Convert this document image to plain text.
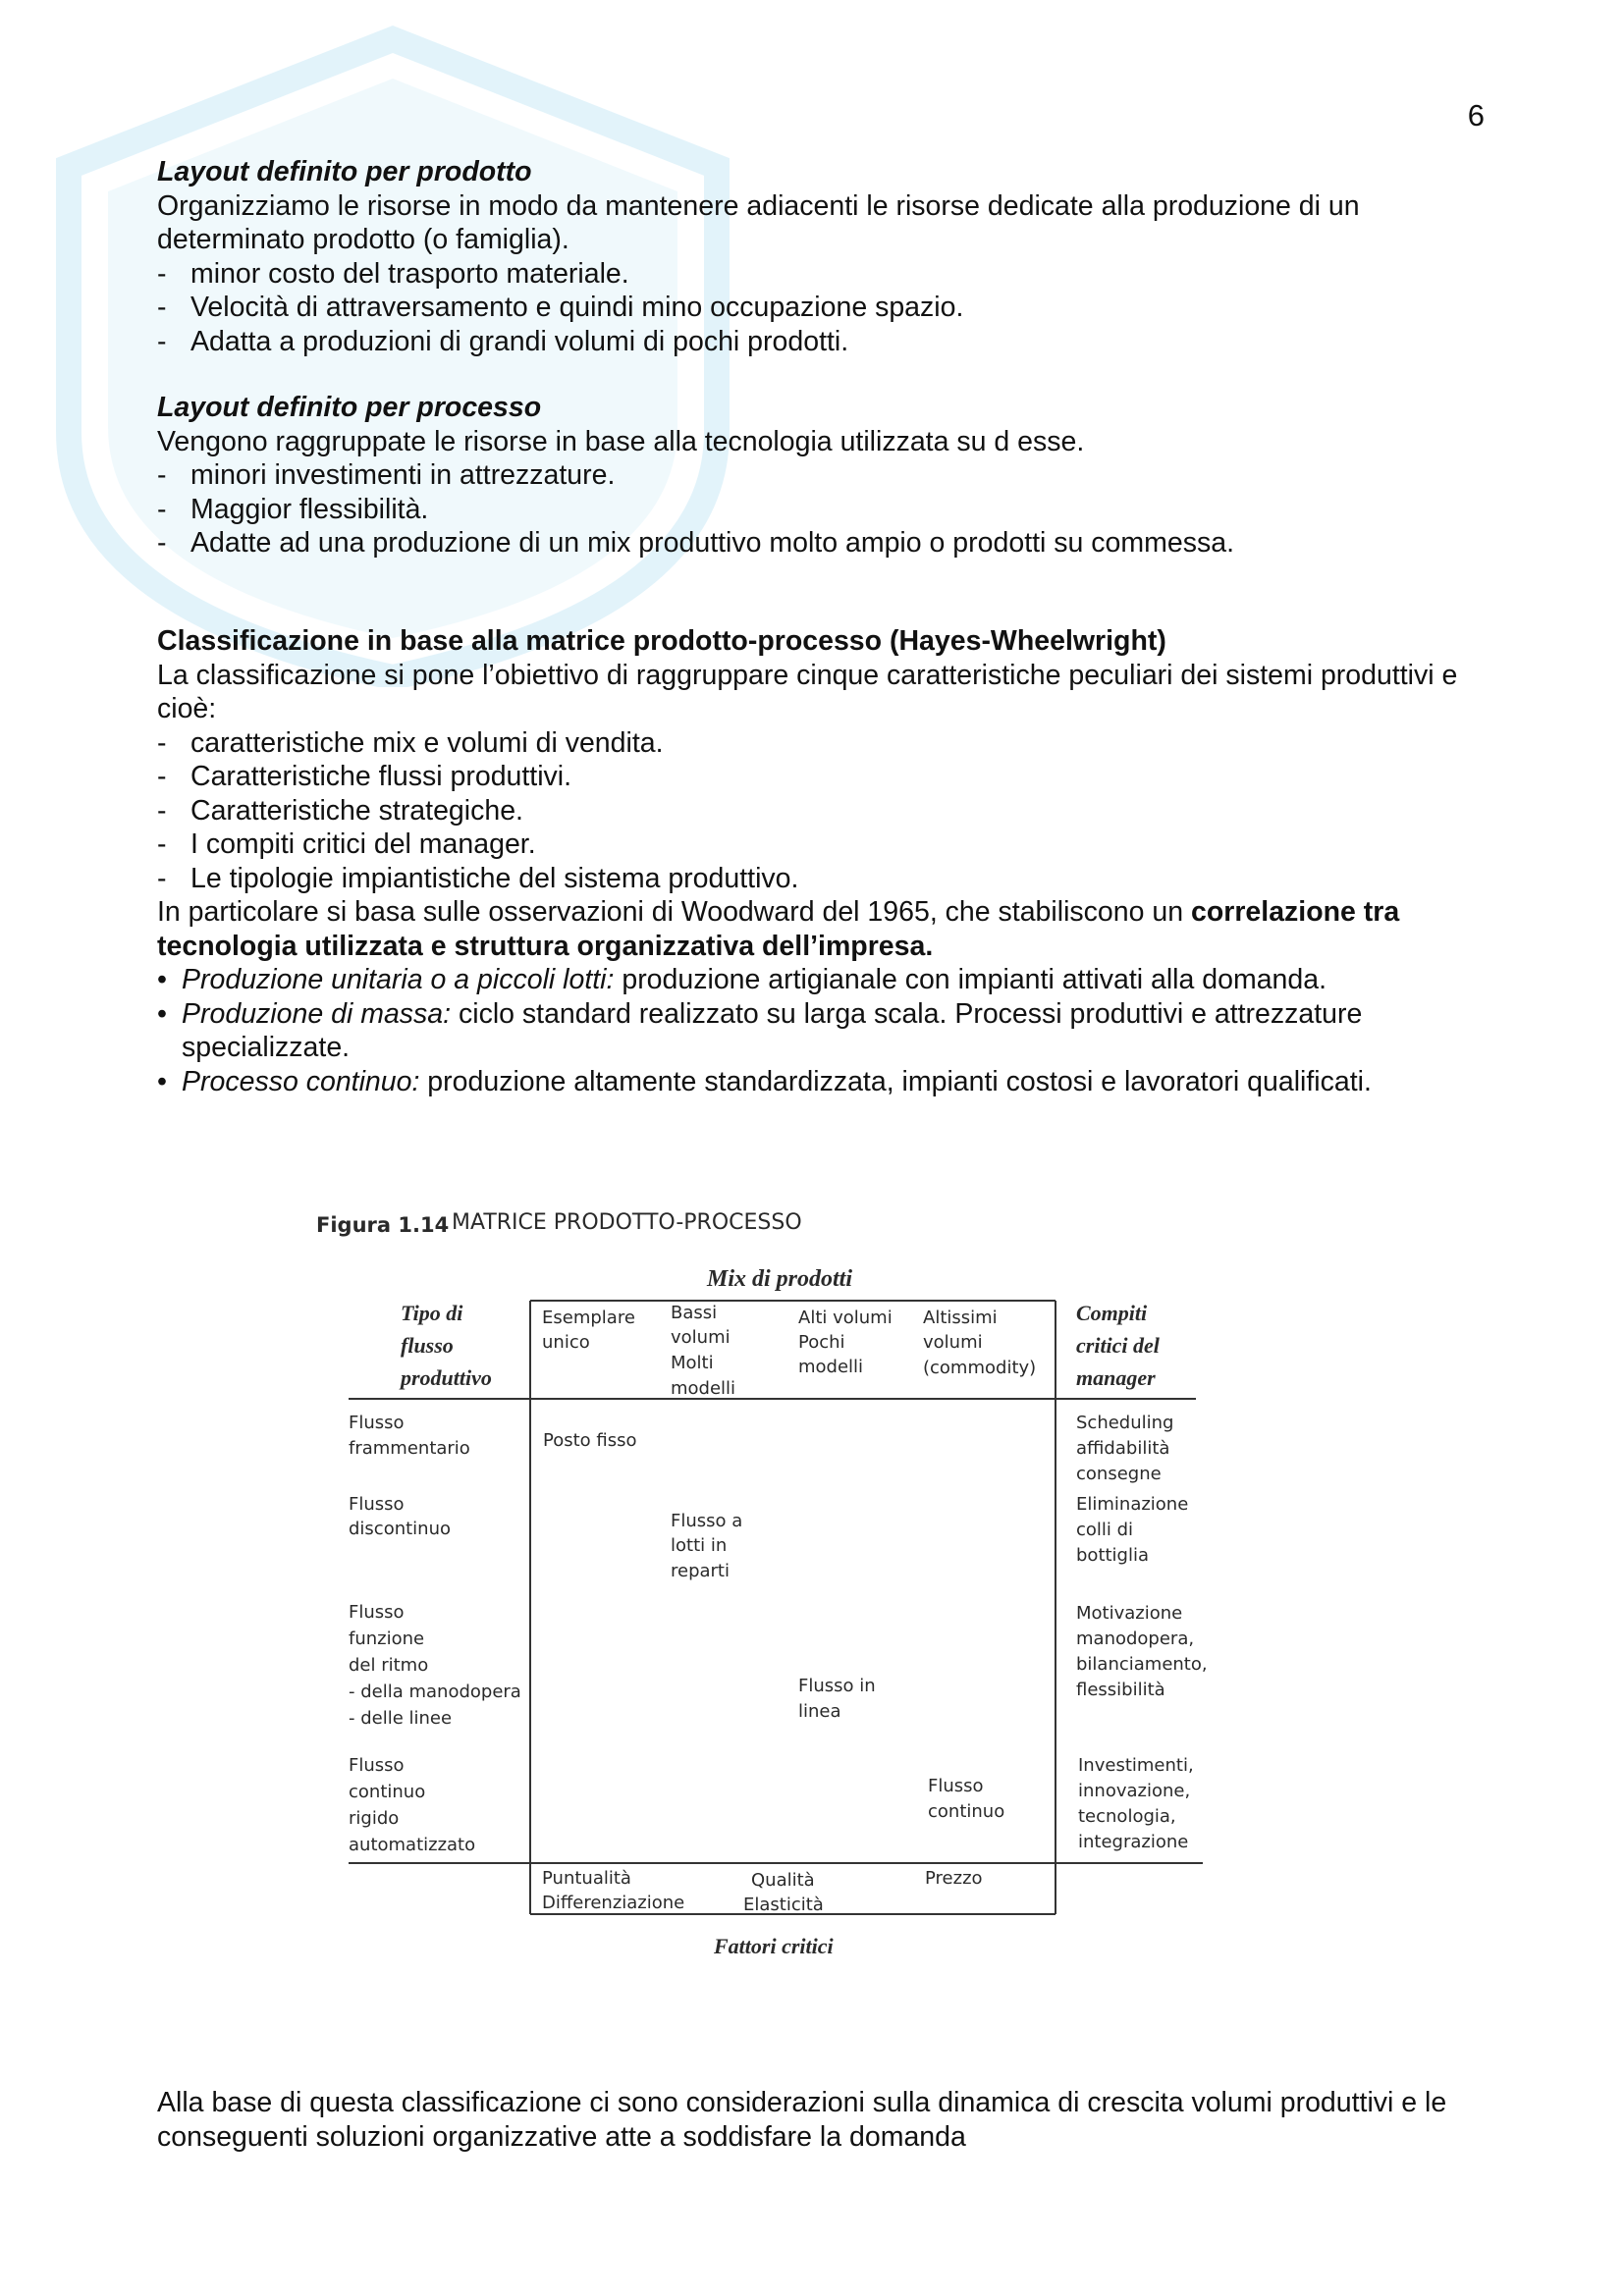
6

Layout definito per prodotto

Organizziamo le risorse in modo da mantenere adiacenti le risorse dedicate alla produzione di un determinato prodotto (o famiglia).

- minor costo del trasporto materiale.

- Velocità di attraversamento e quindi mino occupazione spazio.

- Adatta a produzioni di grandi volumi di pochi prodotti.

Layout definito per processo

Vengono raggruppate le risorse in base alla tecnologia utilizzata su d esse.

- minori investimenti in attrezzature.

- Maggior flessibilità.

- Adatte ad una produzione di un mix produttivo molto ampio o prodotti su commessa.

Classificazione in base alla matrice prodotto-processo (Hayes-Wheelwright)

La classificazione si pone l’obiettivo di raggruppare cinque caratteristiche peculiari dei sistemi produttivi e cioè:

- caratteristiche mix e volumi di vendita.

- Caratteristiche flussi produttivi.

- Caratteristiche strategiche.

- I compiti critici del manager.

- Le tipologie impiantistiche del sistema produttivo.

In particolare si basa sulle osservazioni di Woodward del 1965, che stabiliscono un correlazione tra tecnologia utilizzata e struttura organizzativa dell’impresa.

• Produzione unitaria o a piccoli lotti: produzione artigianale con impianti attivati alla domanda.

• Produzione di massa: ciclo standard realizzato su larga scala. Processi produttivi e attrezzature specializzate.

• Processo continuo: produzione altamente standardizzata, impianti costosi e lavoratori qualificati.

Figura 1.14 MATRICE PRODOTTO-PROCESSO
Mix di prodotti
Tipo di flusso produttivo
Compiti critici del manager
Esemplare unico
Bassi volumi Molti modelli
Alti volumi Pochi modelli
Altissimi volumi (commodity)
Flusso frammentario
Flusso discontinuo
Flusso funzione del ritmo - della manodopera - delle linee
Flusso continuo rigido automatizzato
Posto fisso
Flusso a lotti in reparti
Flusso in linea
Flusso continuo
Scheduling affidabilità consegne
Eliminazione colli di bottiglia
Motivazione manodopera, bilanciamento, flessibilità
Investimenti, innovazione, tecnologia, integrazione
Puntualità Differenziazione
Qualità Elasticità
Prezzo
Fattori critici

Alla base di questa classificazione ci sono considerazioni sulla dinamica di crescita volumi produttivi e le conseguenti soluzioni organizzative atte a soddisfare la domanda
